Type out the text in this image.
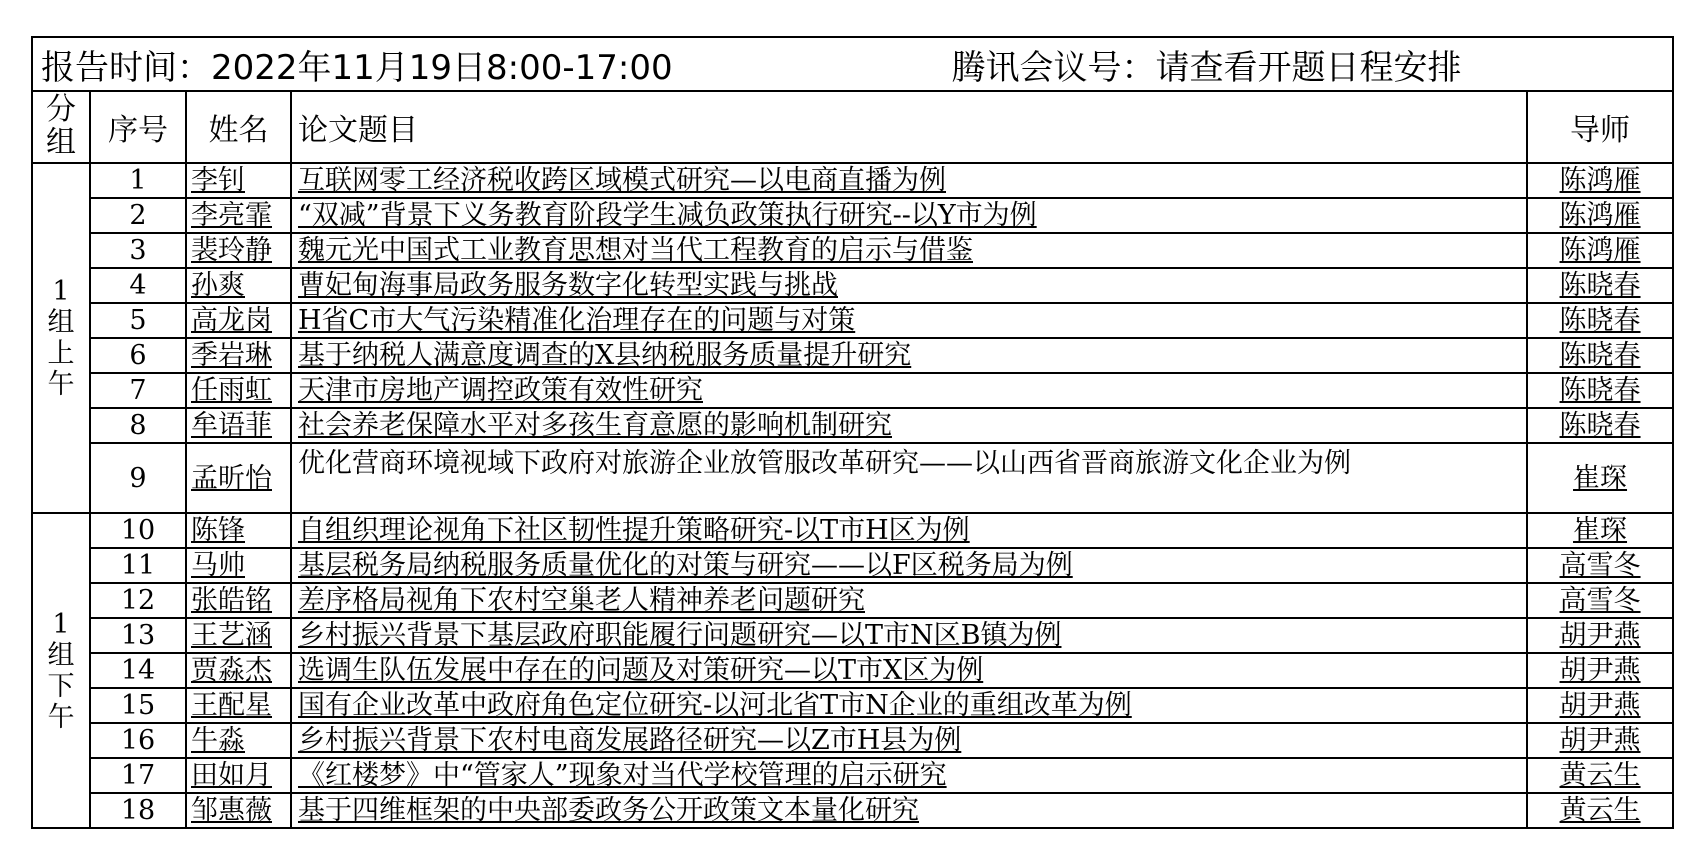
报告时间：2022年11月19日8:00-17:00 腾讯会议号：请查看开题日程安排				

分组	序号	姓名	论文题目	导师

1
组
上
午	1	李钊	互联网零工经济税收跨区域模式研究—以电商直播为例	陈鸿雁
	2	李亮霏	“双减”背景下义务教育阶段学生减负政策执行研究--以Y市为例	陈鸿雁
	3	裴玲静	魏元光中国式工业教育思想对当代工程教育的启示与借鉴	陈鸿雁
	4	孙爽	曹妃甸海事局政务服务数字化转型实践与挑战	陈晓春
	5	高龙岗	H省C市大气污染精准化治理存在的问题与对策	陈晓春
	6	季岩琳	基于纳税人满意度调查的X县纳税服务质量提升研究	陈晓春
	7	任雨虹	天津市房地产调控政策有效性研究	陈晓春
	8	牟语菲	社会养老保障水平对多孩生育意愿的影响机制研究	陈晓春
	9	孟昕怡	优化营商环境视域下政府对旅游企业放管服改革研究——以山西省晋商旅游文化企业为例	崔琛

1
组
下
午	10	陈锋	自组织理论视角下社区韧性提升策略研究-以T市H区为例	崔琛
	11	马帅	基层税务局纳税服务质量优化的对策与研究——以F区税务局为例	高雪冬
	12	张皓铭	差序格局视角下农村空巢老人精神养老问题研究	高雪冬
	13	王艺涵	乡村振兴背景下基层政府职能履行问题研究—以T市N区B镇为例	胡尹燕
	14	贾淼杰	选调生队伍发展中存在的问题及对策研究—以T市X区为例	胡尹燕
	15	王配星	国有企业改革中政府角色定位研究-以河北省T市N企业的重组改革为例	胡尹燕
	16	牛淼	乡村振兴背景下农村电商发展路径研究—以Z市H县为例	胡尹燕
	17	田如月	《红楼梦》中“管家人”现象对当代学校管理的启示研究	黄云生
	18	邹惠薇	基于四维框架的中央部委政务公开政策文本量化研究	黄云生
